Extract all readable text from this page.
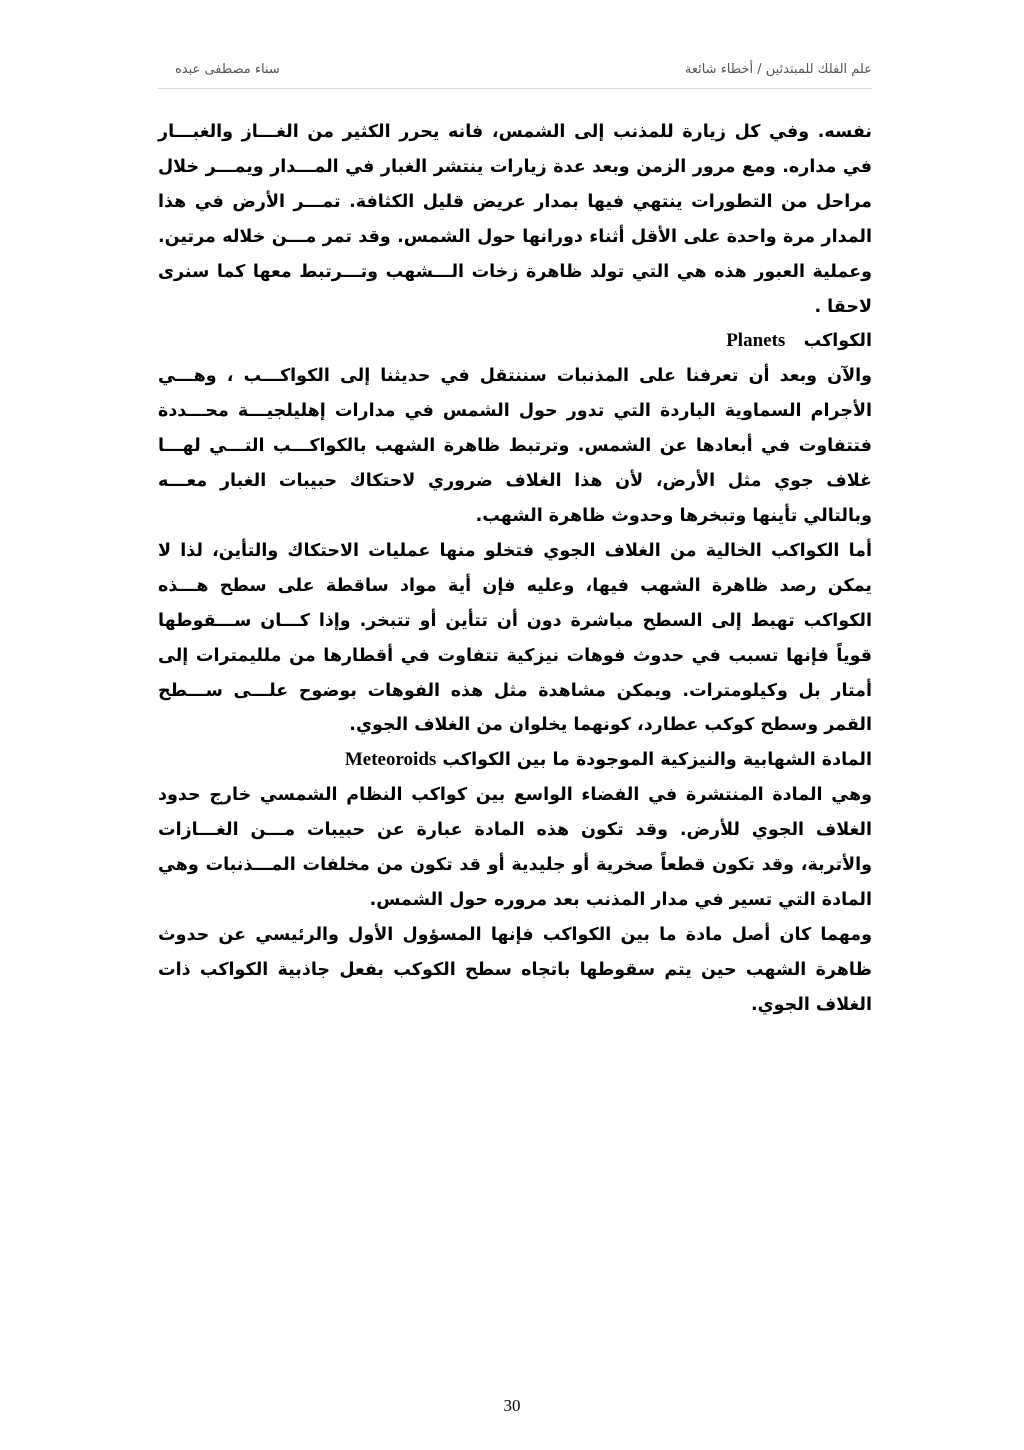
علم الفلك للمبتدئين / أخطاء شائعة
سناء مصطفى عبده

نفسه. وفي كل زيارة للمذنب إلى الشمس، فانه يحرر الكثير من الغـــاز والغبـــار في مداره. ومع مرور الزمن وبعد عدة زيارات ينتشر الغبار في المـــدار ويمـــر خلال مراحل من التطورات ينتهي فيها بمدار عريض قليل الكثافة. تمـــر الأرض في هذا المدار مرة واحدة على الأقل أثناء دورانها حول الشمس. وقد تمر مـــن خلاله مرتين. وعملية العبور هذه هي التي تولد ظاهرة زخات الـــشهب وتـــرتبط معها كما سنرى لاحقا .

الكواكب   Planets

والآن وبعد أن تعرفنا على المذنبات سننتقل في حديثنا إلى الكواكـــب ، وهـــي الأجرام السماوية الباردة التي تدور حول الشمس في مدارات إهليلجيـــة محـــددة فتتفاوت في أبعادها عن الشمس. وترتبط ظاهرة الشهب بالكواكـــب التـــي لهـــا غلاف جوي مثل الأرض، لأن هذا الغلاف ضروري لاحتكاك حبيبات الغبار معـــه وبالتالي تأينها وتبخرها وحدوث ظاهرة الشهب.

أما الكواكب الخالية من الغلاف الجوي فتخلو منها عمليات الاحتكاك والتأين، لذا لا يمكن رصد ظاهرة الشهب فيها، وعليه فإن أية مواد ساقطة على سطح هـــذه الكواكب تهبط إلى السطح مباشرة دون أن تتأين أو تتبخر. وإذا كـــان ســـقوطها قوياً فإنها تسبب في حدوث فوهات نيزكية تتفاوت في أقطارها من ملليمترات إلى أمتار بل وكيلومترات. ويمكن مشاهدة مثل هذه الفوهات بوضوح علـــى ســـطح القمر وسطح كوكب عطارد، كونهما يخلوان من الغلاف الجوي.

المادة الشهابية والنيزكية الموجودة ما بين الكواكب Meteoroids

وهي المادة المنتشرة في الفضاء الواسع بين كواكب النظام الشمسي خارج حدود الغلاف الجوي للأرض. وقد تكون هذه المادة عبارة عن حبيبات مـــن الغـــازات والأتربة، وقد تكون قطعاً صخرية أو جليدية أو قد تكون من مخلفات المـــذنبات وهي المادة التي تسير في مدار المذنب بعد مروره حول الشمس.

ومهما كان أصل مادة ما بين الكواكب فإنها المسؤول الأول والرئيسي عن حدوث ظاهرة الشهب حين يتم سقوطها باتجاه سطح الكوكب بفعل جاذبية الكواكب ذات الغلاف الجوي.

30
